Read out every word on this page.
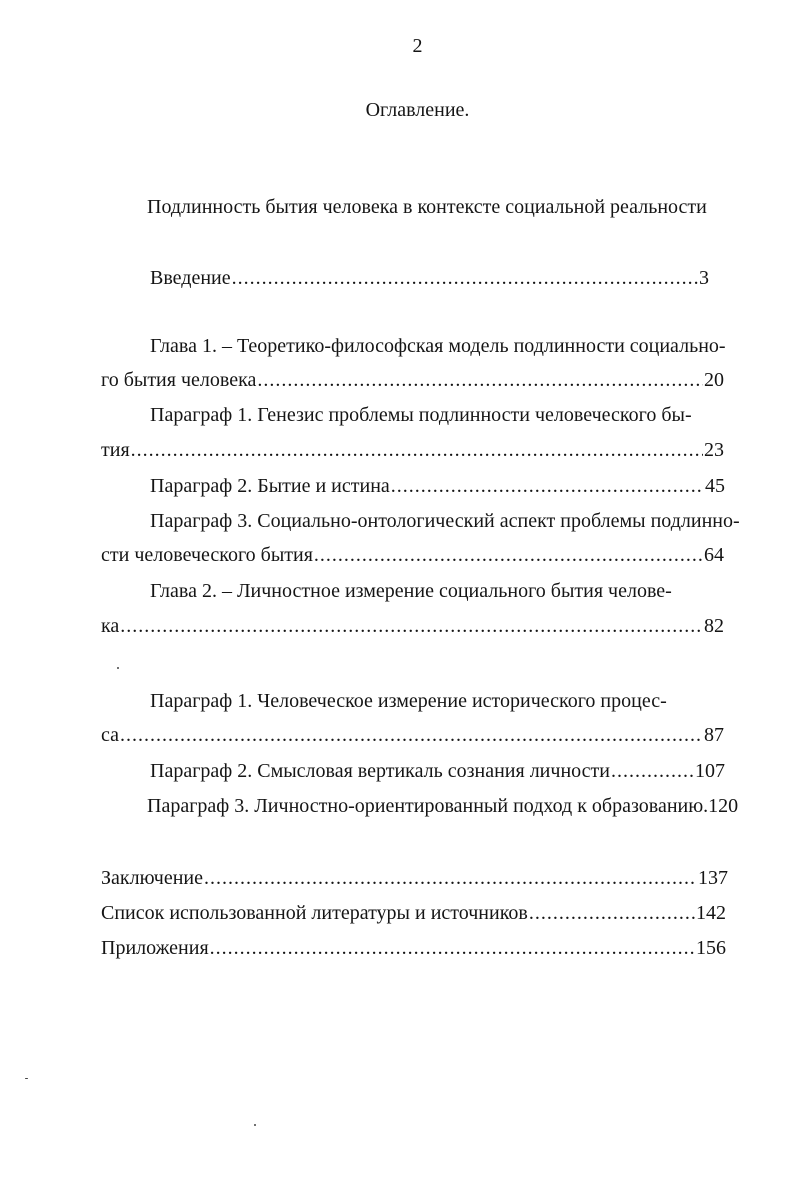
2
Оглавление.
Подлинность бытия человека в контексте социальной реальности
Введение .....	3
Глава 1. – Теоретико-философская модель подлинности социально-
го бытия человека .....	20
Параграф 1. Генезис проблемы подлинности человеческого бы-
тия .....	23
Параграф 2. Бытие и истина .....	45
Параграф 3. Социально-онтологический аспект проблемы подлинно-
сти человеческого бытия .....	64
Глава 2. – Личностное измерение социального бытия челове-
ка .....	82
Параграф 1. Человеческое измерение исторического процес-
са .....	87
Параграф 2. Смысловая вертикаль сознания личности .....	107
Параграф 3. Личностно-ориентированный подход к образованию. 120
Заключение .....	137
Список использованной литературы и источников .....	142
Приложения .....	156
